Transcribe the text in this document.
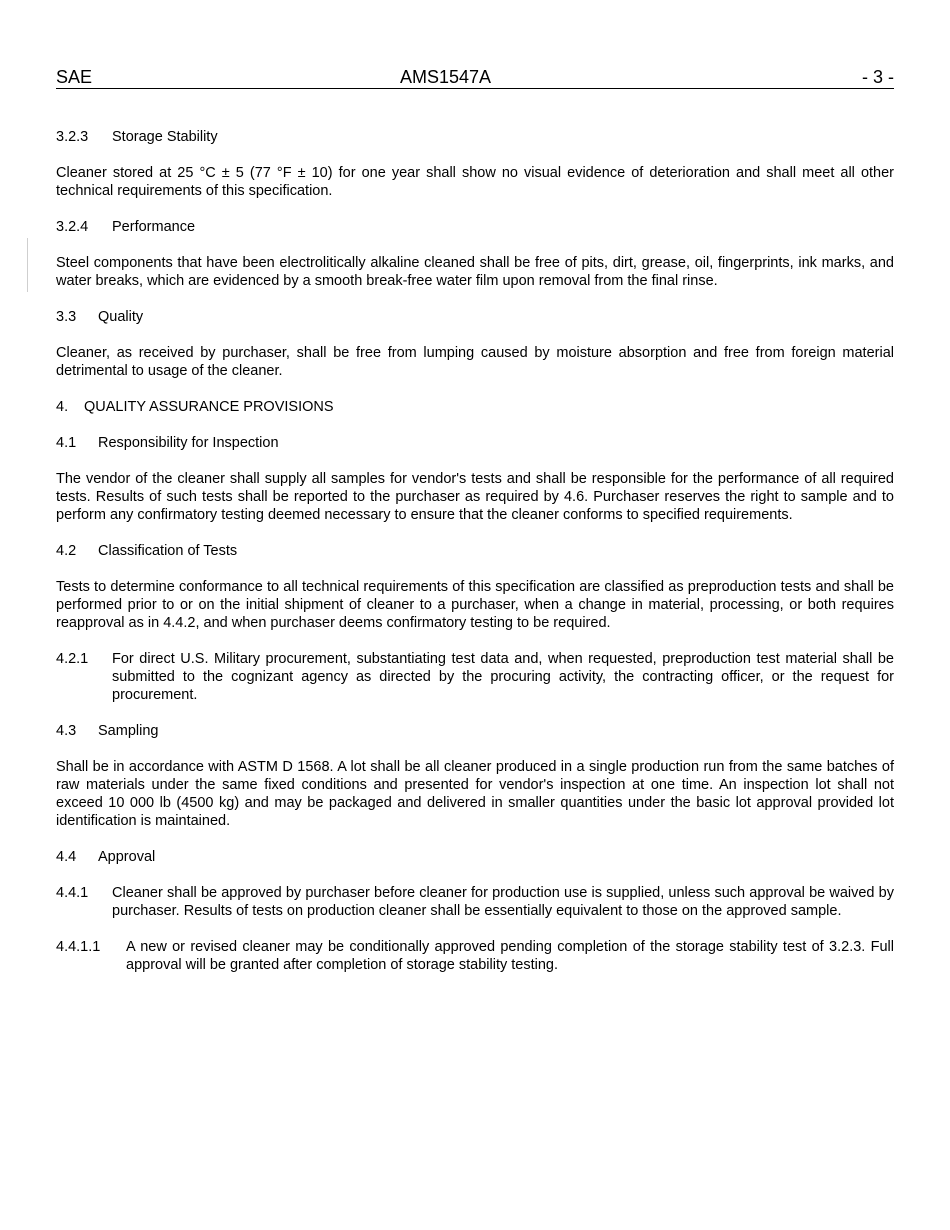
SAE	AMS1547A	- 3 -
3.2.3 Storage Stability

Cleaner stored at 25 °C ± 5 (77 °F ± 10) for one year shall show no visual evidence of deterioration and shall meet all other technical requirements of this specification.

3.2.4 Performance

Steel components that have been electrolitically alkaline cleaned shall be free of pits, dirt, grease, oil, fingerprints, ink marks, and water breaks, which are evidenced by a smooth break-free water film upon removal from the final rinse.

3.3 Quality

Cleaner, as received by purchaser, shall be free from lumping caused by moisture absorption and free from foreign material detrimental to usage of the cleaner.

4. QUALITY ASSURANCE PROVISIONS
4.1 Responsibility for Inspection

The vendor of the cleaner shall supply all samples for vendor's tests and shall be responsible for the performance of all required tests. Results of such tests shall be reported to the purchaser as required by 4.6. Purchaser reserves the right to sample and to perform any confirmatory testing deemed necessary to ensure that the cleaner conforms to specified requirements.

4.2 Classification of Tests

Tests to determine conformance to all technical requirements of this specification are classified as preproduction tests and shall be performed prior to or on the initial shipment of cleaner to a purchaser, when a change in material, processing, or both requires reapproval as in 4.4.2, and when purchaser deems confirmatory testing to be required.

4.2.1 For direct U.S. Military procurement, substantiating test data and, when requested, preproduction test material shall be submitted to the cognizant agency as directed by the procuring activity, the contracting officer, or the request for procurement.
4.3 Sampling

Shall be in accordance with ASTM D 1568. A lot shall be all cleaner produced in a single production run from the same batches of raw materials under the same fixed conditions and presented for vendor's inspection at one time. An inspection lot shall not exceed 10 000 lb (4500 kg) and may be packaged and delivered in smaller quantities under the basic lot approval provided lot identification is maintained.

4.4 Approval
4.4.1 Cleaner shall be approved by purchaser before cleaner for production use is supplied, unless such approval be waived by purchaser. Results of tests on production cleaner shall be essentially equivalent to those on the approved sample.
4.4.1.1 A new or revised cleaner may be conditionally approved pending completion of the storage stability test of 3.2.3. Full approval will be granted after completion of storage stability testing.
